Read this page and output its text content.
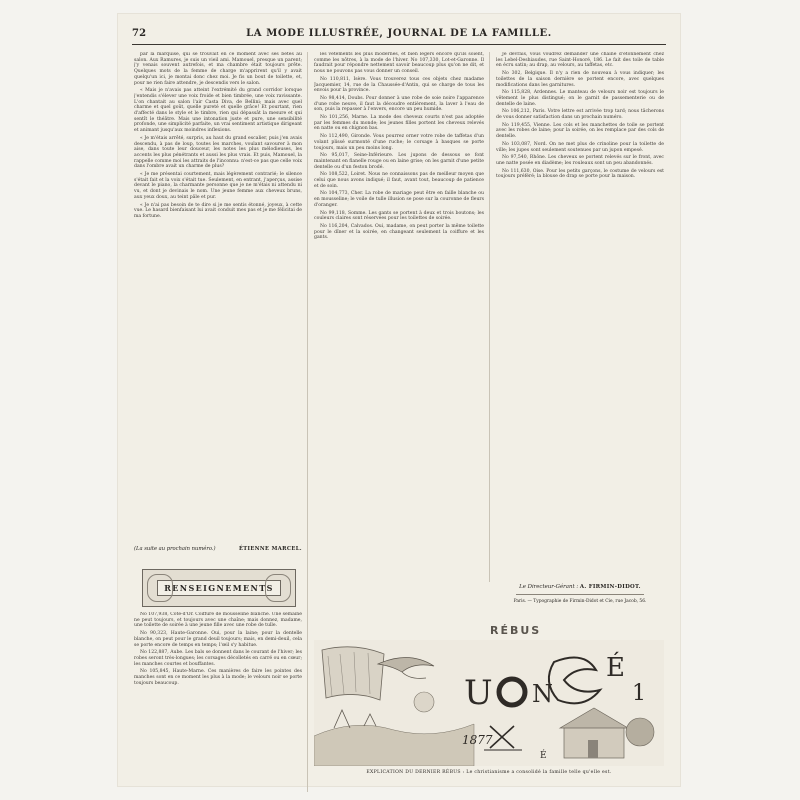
72	LA MODE ILLUSTRÉE, JOURNAL DE LA FAMILLE.

par la marquise, qui se trouvait en ce moment avec ses bêtes au salon. Aux Ramures, je suis un vieil ami. Mamouel, presque un parent; j'y venais souvent autrefois, et ma chambre était toujours prête. Quelques mots de la femme de charge m'apprirent qu'il y avait quelqu'un ici, je montai donc chez moi. Je fis un bout de toilette, et, pour ne rien faire attendre, je descendis vers le salon.

« Mais je n'avais pas atteint l'extrémité du grand corridor lorsque j'entendis s'élever une voix froide et bien timbrée, une voix ravissante. L'on chantait au salon l'air Casta Diva, de Bellini; mais avec quel charme et quel goût, quelle pureté et quelle grâce! Et pourtant, rien d'affecté dans le style et le timbre, rien qui dépassât la mesure et qui sentît le théâtre. Mais une intonation juste et pure, une sensibilité profonde, une simplicité parfaite, un vrai sentiment artistique dirigeant et animant jusqu'aux moindres inflexions.

« Je m'étais arrêté, surpris, au haut du grand escalier, puis j'en avais descendu, à pas de loup, toutes les marches, voulant savourer à mon aise, dans toute leur douceur, les notes les plus mélodieuses, les accents les plus pénétrants et aussi les plus vrais. Et puis, Mamouel, la rappelle comme moi les attraits de l'inconnu: n'est-ce pas que celle voix dans l'ombre avait un charme de plus?

« Je me présentai courtement, mais légèrement contrarié; le silence s'était fait et la voix s'était tue. Seulement, en entrant, j'aperçus, assise devant le piano, la charmante personne que je ne m'étais ni attendu ni vu, et dont je devinais le nom. Une jeune femme aux cheveux bruns, aux yeux doux, au teint pâle et pur.

« Je n'ai pas besoin de te dire si je me sentis étonné, joyeux, à cette vue. Le hasard bienfaisant lui avait conduit mes pas et je me félicitai de ma fortune.

(La suite au prochain numéro.)	ÉTIENNE MARCEL.
RENSEIGNEMENTS

No 107,938, Côte-d'Or. Coiffure de mousseline blanche. Une semaine ne peut toujours, et toujours avec une chaîne; mais donnez, madame, une toilette de soirée à une jeune fille avec une robe de tulle.

No 90,323, Haute-Garonne. Oui, pour la laine; pour la dentelle blanche, on peut pour le grand deuil toujours; mais, en demi-deuil, cela se porte encore de temps en temps; l'œil s'y habitue.

No 122,887, Aube. Les bals se donnent dans le courant de l'hiver; les robes seront très-longues; les corsages décolletés en carré ou en cœur; les manches courtes et bouffantes.

No 105,845, Haute-Marne. Ces manières de faire les pointes des manches sont en ce moment les plus à la mode; le velours noir se porte toujours beaucoup.

les vêtements les plus modernes, et bien légers encore qu'ils soient, comme les nôtres, à la mode de l'hiver. No 107,330, Lot-et-Garonne. Il faudrait pour répondre nettement savoir beaucoup plus qu'on ne dit, et nous ne pouvons pas vous donner un conseil.

No 110,811, Isère. Vous trouverez tous ces objets chez madame Jacquemier, 14, rue de la Chaussée-d'Antin, qui se charge de tous les envois pour la province.

No 98,414, Doubs. Pour donner à une robe de soie noire l'apparence d'une robe neuve, il faut la découdre entièrement, la laver à l'eau de son, puis la repasser à l'envers, encore un peu humide.

No 101,256, Marne. La mode des cheveux courts n'est pas adoptée par les femmes du monde; les jeunes filles portent les cheveux relevés en natte ou en chignon bas.

No 112,490, Gironde. Vous pourrez orner votre robe de taffetas d'un volant plissé surmonté d'une ruche; le corsage à basques se porte toujours, mais un peu moins long.

No 95,017, Seine-Inférieure. Les jupons de dessous se font maintenant en flanelle rouge ou en laine grise; on les garnit d'une petite dentelle ou d'un feston brodé.

No 108,522, Loiret. Nous ne connaissons pas de meilleur moyen que celui que nous avons indiqué; il faut, avant tout, beaucoup de patience et de soin.

No 104,773, Cher. La robe de mariage peut être en faille blanche ou en mousseline; le voile de tulle illusion se pose sur la couronne de fleurs d'oranger.

No 99,118, Somme. Les gants se portent à deux et trois boutons; les couleurs claires sont réservées pour les toilettes de soirée.

No 116,204, Calvados. Oui, madame, on peut porter la même toilette pour le dîner et la soirée, en changeant seulement la coiffure et les gants.

Je devrais, vous voudrez demander une chaîne d'étonnement chez les Lebel-Deshiaudes, rue Saint-Honoré, 186. Le fait des toile de table en écru satin; au drap, au velours, au taffetas, etc.

No 302, Belgique. Il n'y a rien de nouveau à vous indiquer; les toilettes de la saison dernière se portent encore, avec quelques modifications dans les garnitures.

No 115,828, Ardennes. Le manteau de velours noir est toujours le vêtement le plus distingué; on le garnit de passementerie ou de dentelle de laine.

No 106,212, Paris. Votre lettre est arrivée trop tard; nous tâcherons de vous donner satisfaction dans un prochain numéro.

No 119,455, Vienne. Les cols et les manchettes de toile se portent avec les robes de laine; pour la soirée, on les remplace par des cols de dentelle.

No 103,087, Nord. On ne met plus de crinoline pour la toilette de ville; les jupes sont seulement soutenues par un jupon empesé.

No 97,540, Rhône. Les cheveux se portent relevés sur le front, avec une natte posée en diadème; les rouleaux sont un peu abandonnés.

No 111,630, Oise. Pour les petits garçons, le costume de velours est toujours préféré; la blouse de drap se porte pour la maison.

Le Directeur-Gérant : A. FIRMIN-DIDOT.
Paris. — Typographie de Firmin-Didot et Cie, rue Jacob, 56.
RÉBUS
U N
É
1
1877
É
EXPLICATION DU DERNIER RÉBUS : Le christianisme a consolidé la famille telle qu'elle est.
